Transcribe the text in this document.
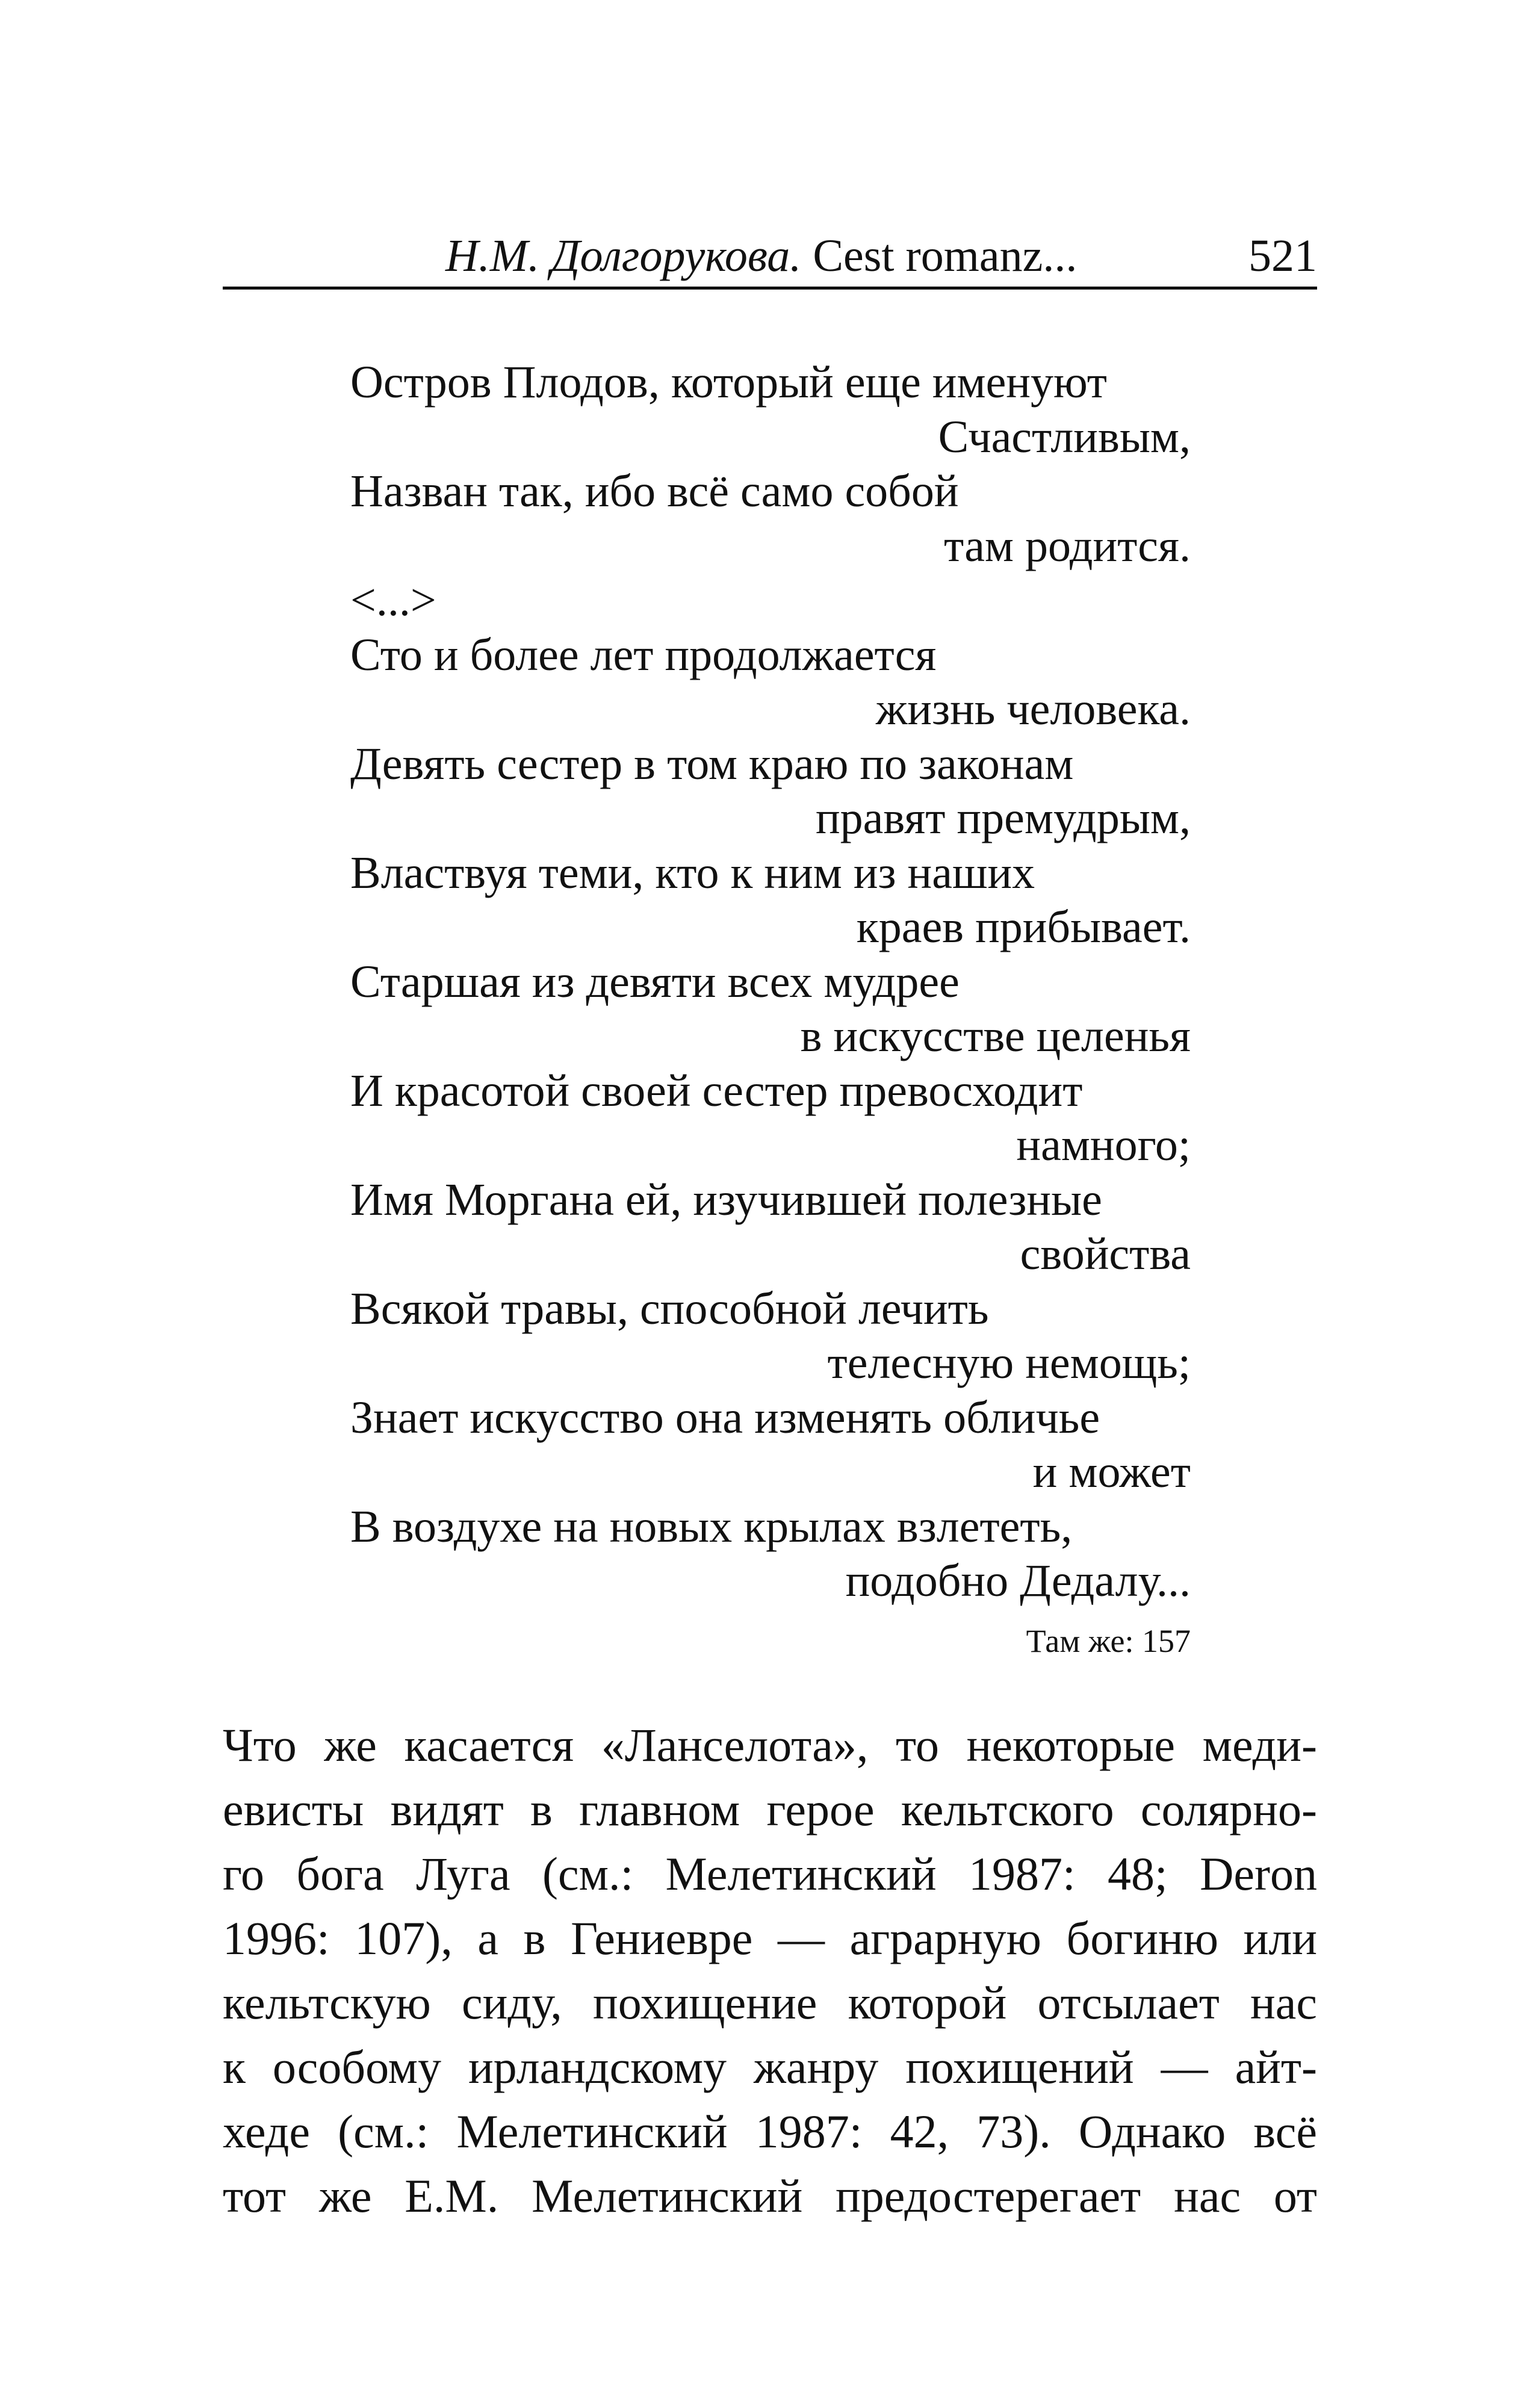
Н.М. Долгорукова. Cest romanz...	521
Остров Плодов, который еще именуют
Счастливым,
Назван так, ибо всё само собой
там родится.
<...>
Сто и более лет продолжается
жизнь человека.
Девять сестер в том краю по законам
правят премудрым,
Властвуя теми, кто к ним из наших
краев прибывает.
Старшая из девяти всех мудрее
в искусстве целенья
И красотой своей сестер превосходит
намного;
Имя Моргана ей, изучившей полезные
свойства
Всякой травы, способной лечить
телесную немощь;
Знает искусство она изменять обличье
и может
В воздухе на новых крылах взлететь,
подобно Дедалу...
Там же: 157
Что же касается «Ланселота», то некоторые меди-
евисты видят в главном герое кельтского солярно-
го бога Луга (см.: Мелетинский 1987: 48; Deron
1996: 107), а в Гениевре — аграрную богиню или
кельтскую сиду, похищение которой отсылает нас
к особому ирландскому жанру похищений — айт-
хеде (см.: Мелетинский 1987: 42, 73). Однако всё
тот же Е.М. Мелетинский предостерегает нас от
